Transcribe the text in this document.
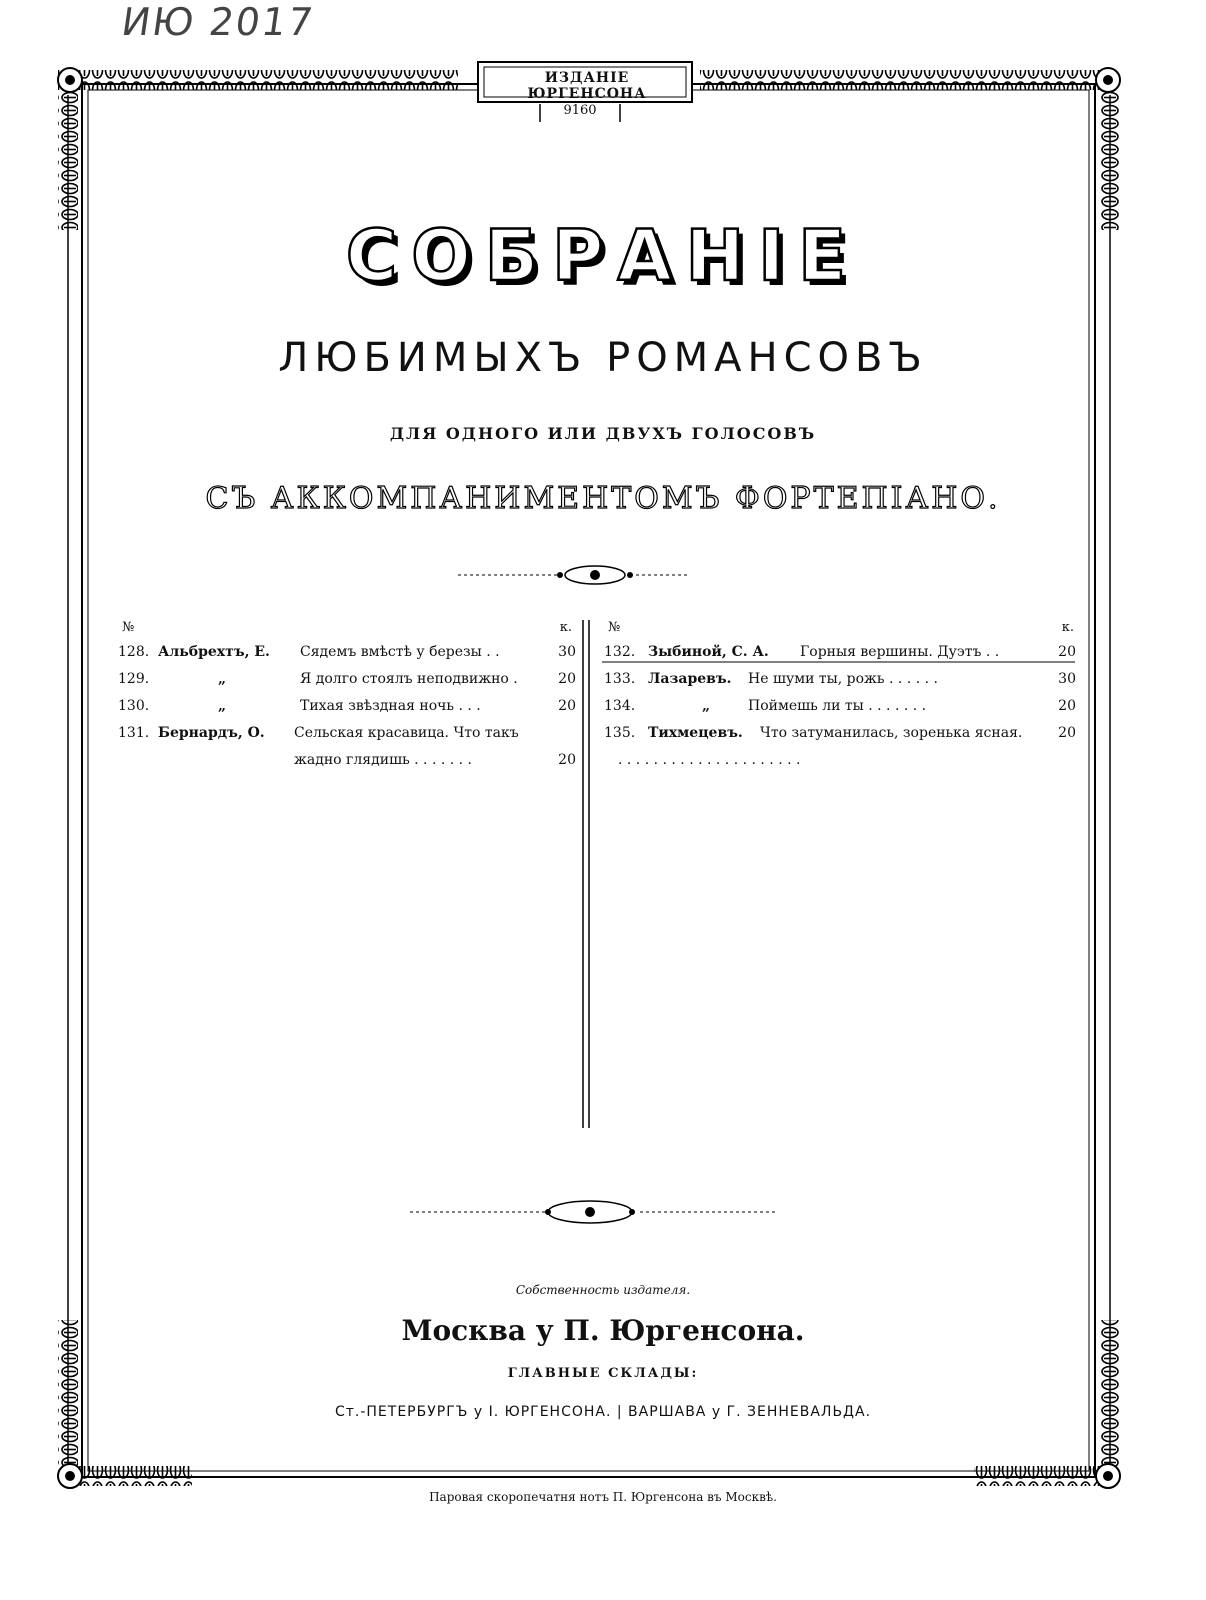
ИЮ 2017
ИЗДАНІЕ ЮРГЕНСОНА
9160
СОБРАНІЕ
ЛЮБИМЫХЪ РОМАНСОВЪ
ДЛЯ ОДНОГО ИЛИ ДВУХЪ ГОЛОСОВЪ
СЪ АККОМПАНИМЕНТОМЪ ФОРТЕПІАНО.
№	к.
128. Альбрехтъ, Е. Сядемъ вмѣстѣ у березы . .	30
129.	„	Я долго стоялъ неподвижно .	20
130.	„	Тихая звѣздная ночь . . .	20
131. Бернардъ, О. Сельская красавица. Что такъ
жадно глядишь . . . . . . .	20
№	к.
132. Зыбиной, С. А. Горныя вершины. Дуэтъ . .	20
133. Лазаревъ. Не шуми ты, рожь . . . . . .	30
134.	„	Поймешь ли ты . . . . . . .	20
135. Тихмецевъ. Что затуманилась, зоренька ясная.	20
. . . . . . . . . . . . . . . . . . . . .
Собственность издателя.
Москва у П. Юргенсона.
ГЛАВНЫЕ СКЛАДЫ:
Ст.-ПЕТЕРБУРГЪ у І. ЮРГЕНСОНА. | ВАРШАВА у Г. ЗЕННЕВАЛЬДА.
Паровая скоропечатня нотъ П. Юргенсона въ Москвѣ.
